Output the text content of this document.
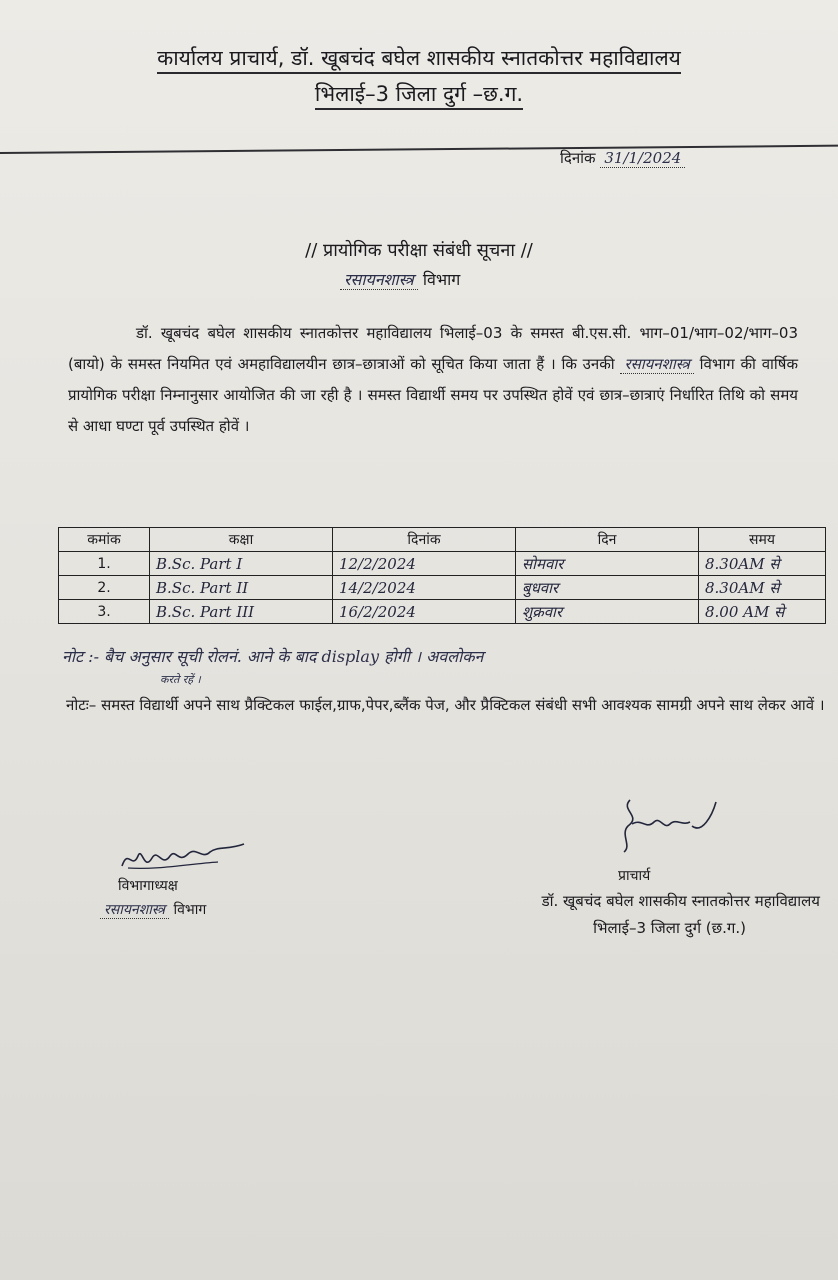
कार्यालय प्राचार्य, डॉ. खूबचंद बघेल शासकीय स्नातकोत्तर महाविद्यालय
भिलाई–3 जिला दुर्ग –छ.ग.
दिनांक 31/1/2024
// प्रायोगिक परीक्षा संबंधी सूचना //
रसायनशास्त्र विभाग

डॉ. खूबचंद बघेल शासकीय स्नातकोत्तर महाविद्यालय भिलाई–03 के समस्त बी.एस.सी. भाग–01/भाग–02/भाग–03 (बायो) के समस्त नियमित एवं अमहाविद्यालयीन छात्र–छात्राओं को सूचित किया जाता हैं । कि उनकी रसायनशास्त्र विभाग की वार्षिक प्रायोगिक परीक्षा निम्नानुसार आयोजित की जा रही है । समस्त विद्यार्थी समय पर उपस्थित होवें एवं छात्र–छात्राएं निर्धारित तिथि को समय से आधा घण्टा पूर्व उपस्थित होवें ।

कमांक	कक्षा	दिनांक	दिन	समय
1.	B.Sc. Part I	12/2/2024	सोमवार	8.30AM से
2.	B.Sc. Part II	14/2/2024	बुधवार	8.30AM से
3.	B.Sc. Part III	16/2/2024	शुक्रवार	8.00 AM से
नोट :- बैच अनुसार सूची रोलनं. आने के बाद display होगी । अवलोकन
करते रहें ।
नोटः– समस्त विद्यार्थी अपने साथ प्रैक्टिकल फाईल,ग्राफ,पेपर,ब्लैंक पेज, और प्रैक्टिकल संबंधी सभी आवश्यक सामग्री अपने साथ लेकर आवें ।
विभागाध्यक्ष
रसायनशास्त्र विभाग
प्राचार्य
डॉ. खूबचंद बघेल शासकीय स्नातकोत्तर महाविद्यालय
भिलाई–3 जिला दुर्ग (छ.ग.)
